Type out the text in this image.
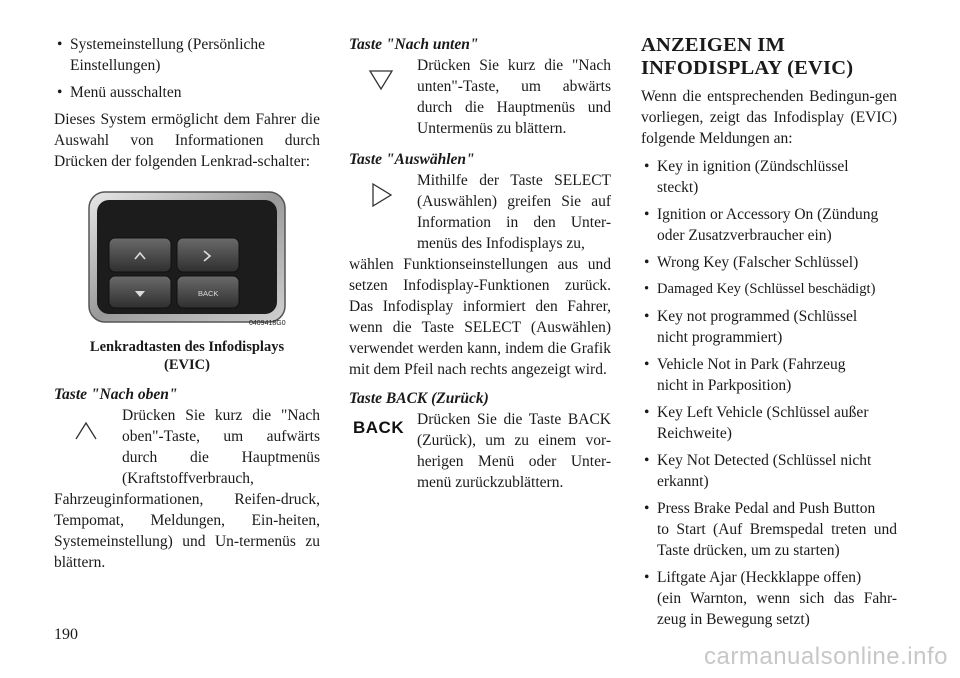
• Systemeinstellung (Persönliche
Einstellungen)
• Menü ausschalten

Dieses System ermöglicht dem Fahrer die Auswahl von Informationen durch Drücken der folgenden Lenkrad-schalter:

BACK
0409418G0
Lenkradtasten des Infodisplays
(EVIC)
Taste "Nach oben"
Drücken Sie kurz die "Nach oben"-Taste, um aufwärts durch die Hauptmenüs (Kraftstoffverbrauch,

Fahrzeuginformationen, Reifen-druck, Tempomat, Meldungen, Ein-heiten, Systemeinstellung) und Un-termenüs zu blättern.

Taste "Nach unten"
Drücken Sie kurz die "Nach unten"-Taste, um abwärts durch die Hauptmenüs und Untermenüs zu blättern.
Taste "Auswählen"
Mithilfe der Taste SELECT (Auswählen) greifen Sie auf Information in den Unter-menüs des Infodisplays zu,

wählen Funktionseinstellungen aus und setzen Infodisplay-Funktionen zurück. Das Infodisplay informiert den Fahrer, wenn die Taste SELECT (Auswählen) verwendet werden kann, indem die Grafik mit dem Pfeil nach rechts angezeigt wird.

Taste BACK (Zurück)
BACK Drücken Sie die Taste BACK (Zurück), um zu einem vor-herigen Menü oder Unter-menü zurückzublättern.
ANZEIGEN IM
INFODISPLAY (EVIC)

Wenn die entsprechenden Bedingun-gen vorliegen, zeigt das Infodisplay (EVIC) folgende Meldungen an:

• Key in ignition (Zündschlüssel
steckt)
• Ignition or Accessory On (Zündung
oder Zusatzverbraucher ein)
• Wrong Key (Falscher Schlüssel)
• Damaged Key (Schlüssel beschädigt)
• Key not programmed (Schlüssel
nicht programmiert)
• Vehicle Not in Park (Fahrzeug
nicht in Parkposition)
• Key Left Vehicle (Schlüssel außer
Reichweite)
• Key Not Detected (Schlüssel nicht
erkannt)
• Press Brake Pedal and Push Button
to Start (Auf Bremspedal treten und Taste drücken, um zu starten)
• Liftgate Ajar (Heckklappe offen)
(ein Warnton, wenn sich das Fahr-zeug in Bewegung setzt)
190
carmanualsonline.info
